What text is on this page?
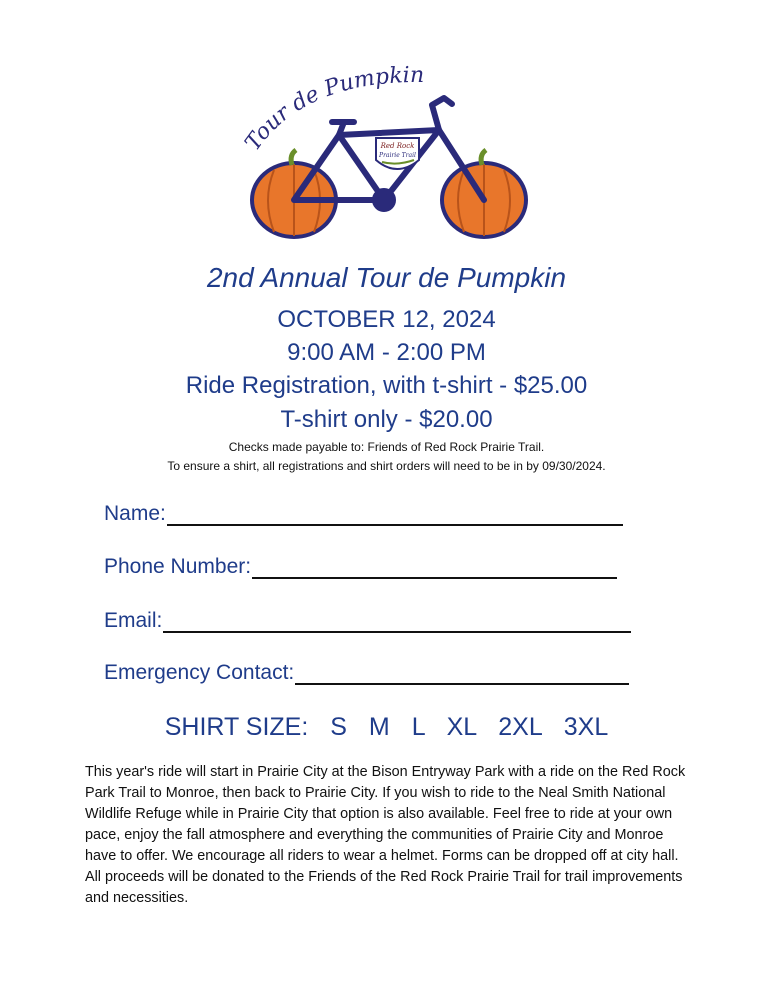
Tour de Pumpkin
Red Rock
Prairie Trail
2nd Annual Tour de Pumpkin
OCTOBER 12, 2024
9:00 AM - 2:00 PM
Ride Registration, with t-shirt - $25.00
T-shirt only - $20.00
Checks made payable to: Friends of Red Rock Prairie Trail.
To ensure a shirt, all registrations and shirt orders will need to be in by 09/30/2024.
Name:
Phone Number:
Email:
Emergency Contact:
SHIRT SIZE: S M L XL 2XL 3XL
This year's ride will start in Prairie City at the Bison Entryway Park with a ride on the Red Rock Park Trail to Monroe, then back to Prairie City. If you wish to ride to the Neal Smith National Wildlife Refuge while in Prairie City that option is also available. Feel free to ride at your own pace, enjoy the fall atmosphere and everything the communities of Prairie City and Monroe have to offer. We encourage all riders to wear a helmet. Forms can be dropped off at city hall. All proceeds will be donated to the Friends of the Red Rock Prairie Trail for trail improvements and necessities.
